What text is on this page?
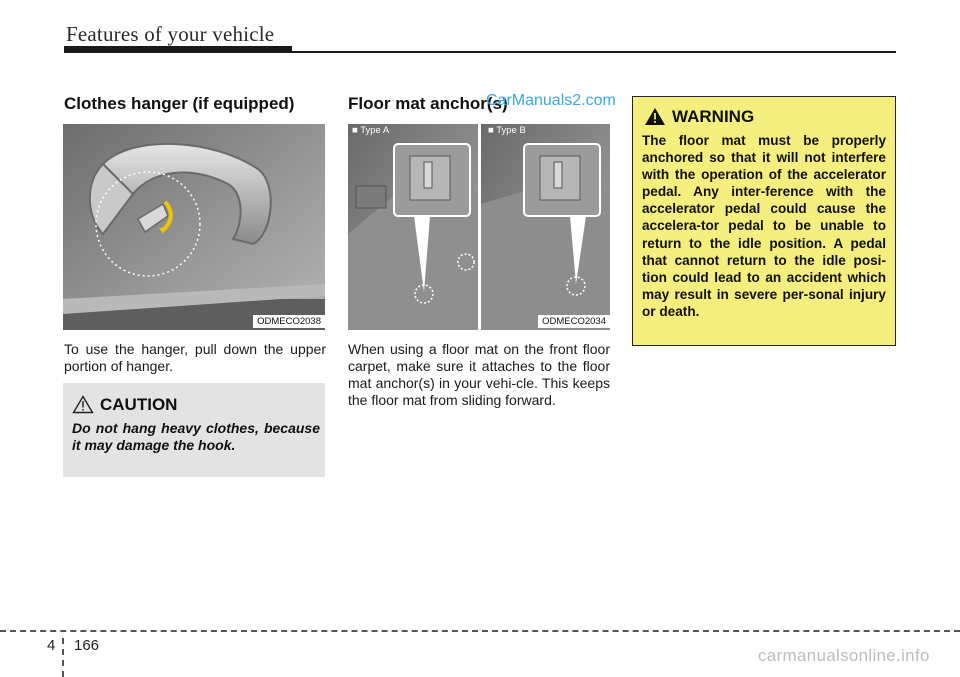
Features of your vehicle
Clothes hanger (if equipped)
ODMECO2038
To use the hanger, pull down the upper portion of hanger.
CAUTION
Do not hang heavy clothes, because it may damage the hook.
Floor mat anchor(s)
■ Type A	■ Type B
ODMECO2034
When using a floor mat on the front floor carpet, make sure it attaches to the floor mat anchor(s) in your vehi-cle. This keeps the floor mat from sliding forward.
WARNING
The floor mat must be properly anchored so that it will not interfere with the operation of the accelerator pedal. Any inter-ference with the accelerator pedal could cause the accelera-tor pedal to be unable to return to the idle position. A pedal that cannot return to the idle posi-tion could lead to an accident which may result in severe per-sonal injury or death.
CarManuals2.com
carmanualsonline.info
4 166
